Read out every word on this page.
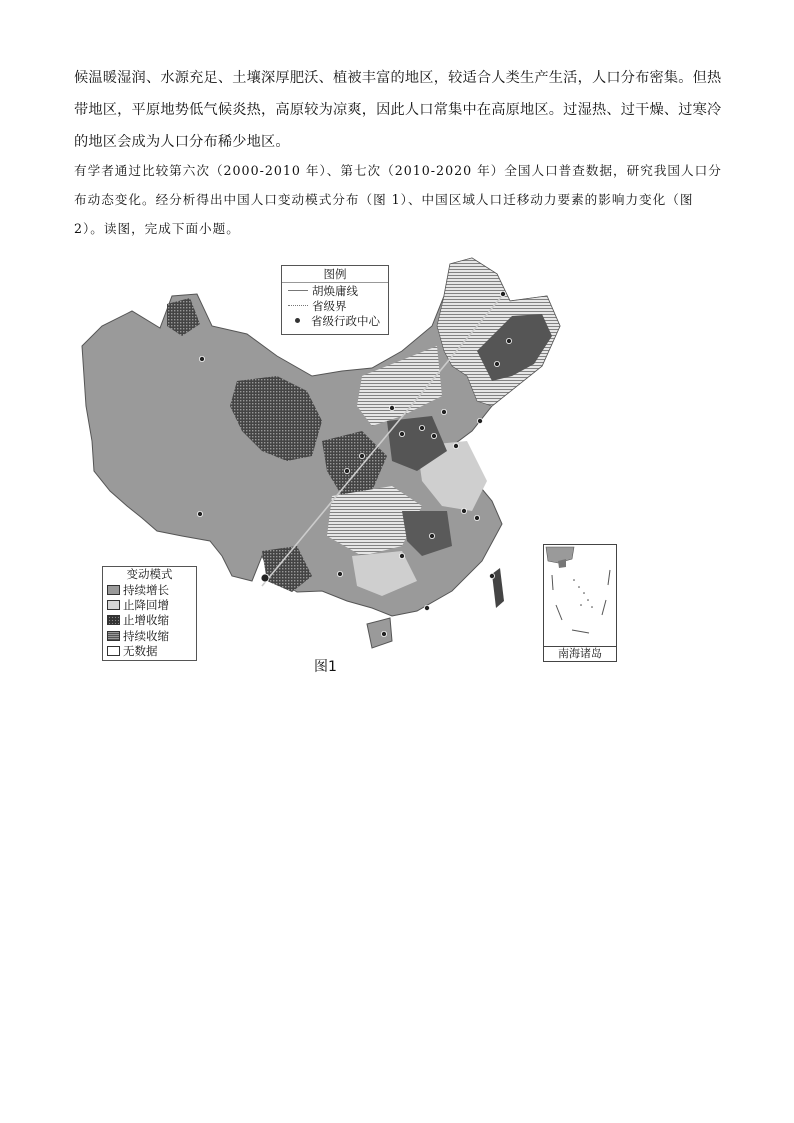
候温暖湿润、水源充足、土壤深厚肥沃、植被丰富的地区，较适合人类生产生活，人口分布密集。但热带地区，平原地势低气候炎热，高原较为凉爽，因此人口常集中在高原地区。过湿热、过干燥、过寒冷的地区会成为人口分布稀少地区。
有学者通过比较第六次（2000-2010 年）、第七次（2010-2020 年）全国人口普查数据，研究我国人口分布动态变化。经分析得出中国人口变动模式分布（图 1）、中国区域人口迁移动力要素的影响力变化（图 2）。读图，完成下面小题。
图例
胡焕庸线
省级界
省级行政中心
变动模式
持续增长
止降回增
止增收缩
持续收缩
无数据	南海诸岛
图1
